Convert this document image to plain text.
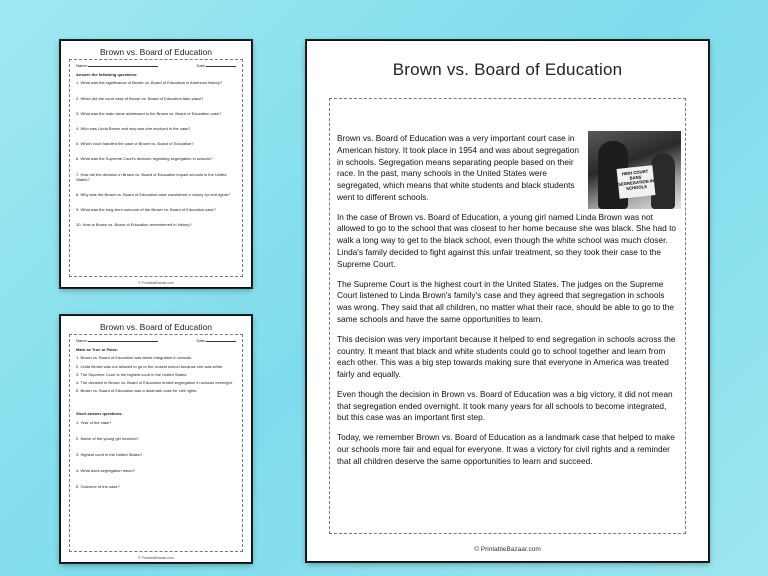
Brown vs. Board of Education
Name:	Date:
Answer the following questions:
1. What was the significance of Brown vs. Board of Education in American history?
2. When did the court case of Brown vs. Board of Education take place?
3. What was the main issue addressed in the Brown vs. Board of Education case?
4. Who was Linda Brown and why was she involved in the case?
5. Which court handled the case of Brown vs. Board of Education?
6. What was the Supreme Court's decision regarding segregation in schools?
7. How did the decision in Brown vs. Board of Education impact schools in the United States?
8. Why was the Brown vs. Board of Education case considered a victory for civil rights?
9. What was the long-term outcome of the Brown vs. Board of Education case?
10. How is Brown vs. Board of Education remembered in history?
© PrintableBazaar.com
Brown vs. Board of Education
Name:	Date:
Mark as True or False:
1. Brown vs. Board of Education was about integration in schools.
2. Linda Brown was not allowed to go to the closest school because she was white.
3. The Supreme Court is the highest court in the United States.
4. The decision in Brown vs. Board of Education ended segregation in schools overnight.
5. Brown vs. Board of Education was a landmark case for civil rights.
Short answer questions:
1. Year of the case?
2. Name of the young girl involved?
3. Highest court in the United States?
4. What does segregation mean?
5. Outcome of the case?
© PrintableBazaar.com
Brown vs. Board of Education
HIGH COURT BANS SEGREGATION IN SCHOOLS

Brown vs. Board of Education was a very important court case in American history. It took place in 1954 and was about segregation in schools. Segregation means separating people based on their race. In the past, many schools in the United States were segregated, which means that white students and black students went to different schools.

In the case of Brown vs. Board of Education, a young girl named Linda Brown was not allowed to go to the school that was closest to her home because she was black. She had to walk a long way to get to the black school, even though the white school was much closer. Linda's family decided to fight against this unfair treatment, so they took their case to the Supreme Court.

The Supreme Court is the highest court in the United States. The judges on the Supreme Court listened to Linda Brown's family's case and they agreed that segregation in schools was wrong. They said that all children, no matter what their race, should be able to go to the same schools and have the same opportunities to learn.

This decision was very important because it helped to end segregation in schools across the country. It meant that black and white students could go to school together and learn from each other. This was a big step towards making sure that everyone in America was treated fairly and equally.

Even though the decision in Brown vs. Board of Education was a big victory, it did not mean that segregation ended overnight. It took many years for all schools to become integrated, but this case was an important first step.

Today, we remember Brown vs. Board of Education as a landmark case that helped to make our schools more fair and equal for everyone. It was a victory for civil rights and a reminder that all children deserve the same opportunities to learn and succeed.

© PrintableBazaar.com
